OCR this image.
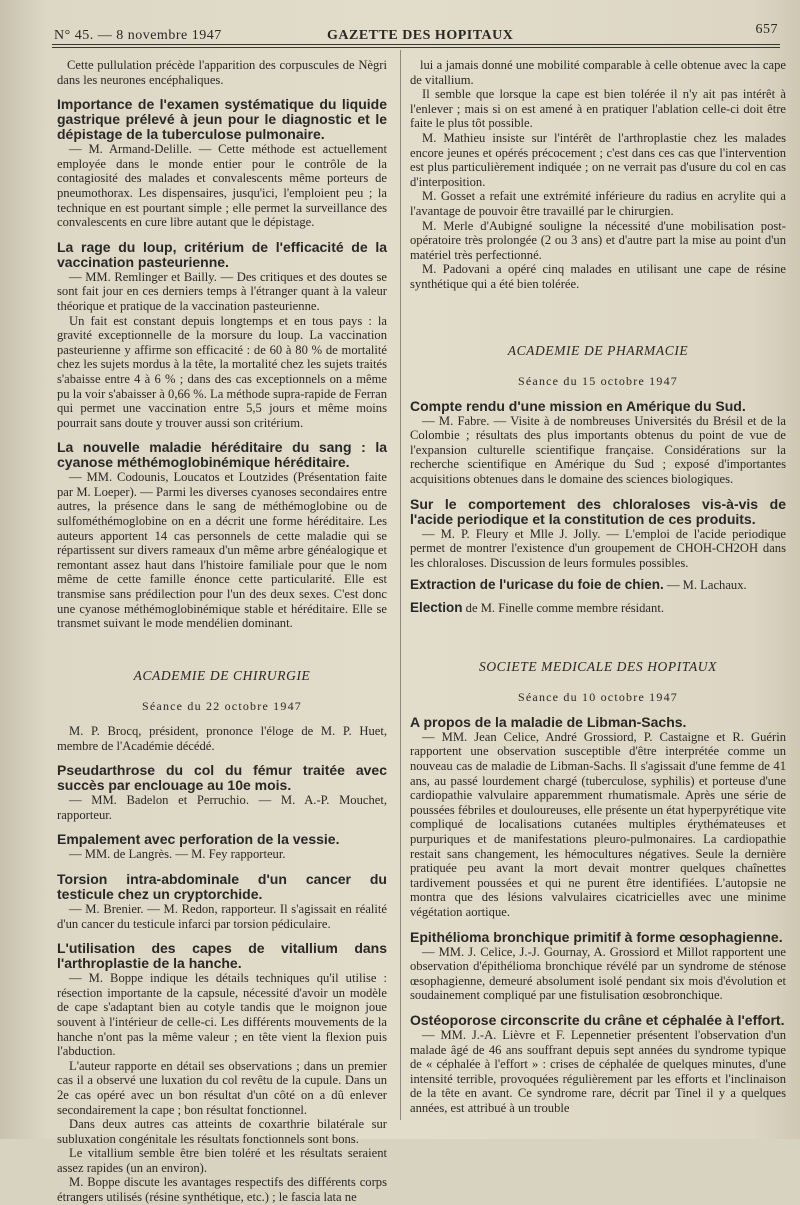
N° 45. — 8 novembre 1947	GAZETTE DES HOPITAUX	657

Cette pullulation précède l'apparition des corpuscules de Nègri dans les neurones encéphaliques.

Importance de l'examen systématique du liquide gastrique prélevé à jeun pour le diagnostic et le dépistage de la tuberculose pulmonaire.

— M. Armand-Delille. — Cette méthode est actuellement employée dans le monde entier pour le contrôle de la contagiosité des malades et convalescents même porteurs de pneumothorax. Les dispensaires, jusqu'ici, l'emploient peu ; la technique en est pourtant simple ; elle permet la surveillance des convalescents en cure libre autant que le dépistage.

La rage du loup, critérium de l'efficacité de la vaccination pasteurienne.

— MM. Remlinger et Bailly. — Des critiques et des doutes se sont fait jour en ces derniers temps à l'étranger quant à la valeur théorique et pratique de la vaccination pasteurienne.

Un fait est constant depuis longtemps et en tous pays : la gravité exceptionnelle de la morsure du loup. La vaccination pasteurienne y affirme son efficacité : de 60 à 80 % de mortalité chez les sujets mordus à la tête, la mortalité chez les sujets traités s'abaisse entre 4 à 6 % ; dans des cas exceptionnels on a même pu la voir s'abaisser à 0,66 %. La méthode supra-rapide de Ferran qui permet une vaccination entre 5,5 jours et même moins pourrait sans doute y trouver aussi son critérium.

La nouvelle maladie héréditaire du sang : la cyanose méthémoglobinémique héréditaire.

— MM. Codounis, Loucatos et Loutzides (Présentation faite par M. Loeper). — Parmi les diverses cyanoses secondaires entre autres, la présence dans le sang de méthémoglobine ou de sulfométhémoglobine on en a décrit une forme héréditaire. Les auteurs apportent 14 cas personnels de cette maladie qui se répartissent sur divers rameaux d'un même arbre généalogique et remontant assez haut dans l'histoire familiale pour que le nom même de cette famille énonce cette particularité. Elle est transmise sans prédilection pour l'un des deux sexes. C'est donc une cyanose méthémoglobinémique stable et héréditaire. Elle se transmet suivant le mode mendélien dominant.

ACADEMIE DE CHIRURGIE
Séance du 22 octobre 1947

M. P. Brocq, président, prononce l'éloge de M. P. Huet, membre de l'Académie décédé.

Pseudarthrose du col du fémur traitée avec succès par enclouage au 10e mois.

— MM. Badelon et Perruchio. — M. A.-P. Mouchet, rapporteur.

Empalement avec perforation de la vessie.

— MM. de Langrès. — M. Fey rapporteur.

Torsion intra-abdominale d'un cancer du testicule chez un cryptorchide.

— M. Brenier. — M. Redon, rapporteur. Il s'agissait en réalité d'un cancer du testicule infarci par torsion pédiculaire.

L'utilisation des capes de vitallium dans l'arthroplastie de la hanche.

— M. Boppe indique les détails techniques qu'il utilise : résection importante de la capsule, nécessité d'avoir un modèle de cape s'adaptant bien au cotyle tandis que le moignon joue souvent à l'intérieur de celle-ci. Les différents mouvements de la hanche n'ont pas la même valeur ; en tête vient la flexion puis l'abduction.

L'auteur rapporte en détail ses observations ; dans un premier cas il a observé une luxation du col revêtu de la cupule. Dans un 2e cas opéré avec un bon résultat d'un côté on a dû enlever secondairement la cape ; bon résultat fonctionnel.

Dans deux autres cas atteints de coxarthrie bilatérale sur subluxation congénitale les résultats fonctionnels sont bons.

Le vitallium semble être bien toléré et les résultats seraient assez rapides (un an environ).

M. Boppe discute les avantages respectifs des différents corps étrangers utilisés (résine synthétique, etc.) ; le fascia lata ne

lui a jamais donné une mobilité comparable à celle obtenue avec la cape de vitallium.

Il semble que lorsque la cape est bien tolérée il n'y ait pas intérêt à l'enlever ; mais si on est amené à en pratiquer l'ablation celle-ci doit être faite le plus tôt possible.

M. Mathieu insiste sur l'intérêt de l'arthroplastie chez les malades encore jeunes et opérés précocement ; c'est dans ces cas que l'intervention est plus particulièrement indiquée ; on ne verrait pas d'usure du col en cas d'interposition.

M. Gosset a refait une extrémité inférieure du radius en acrylite qui a l'avantage de pouvoir être travaillé par le chirurgien.

M. Merle d'Aubigné souligne la nécessité d'une mobilisation post-opératoire très prolongée (2 ou 3 ans) et d'autre part la mise au point d'un matériel très perfectionné.

M. Padovani a opéré cinq malades en utilisant une cape de résine synthétique qui a été bien tolérée.

ACADEMIE DE PHARMACIE
Séance du 15 octobre 1947
Compte rendu d'une mission en Amérique du Sud.

— M. Fabre. — Visite à de nombreuses Universités du Brésil et de la Colombie ; résultats des plus importants obtenus du point de vue de l'expansion culturelle scientifique française. Considérations sur la recherche scientifique en Amérique du Sud ; exposé d'importantes acquisitions obtenues dans le domaine des sciences biologiques.

Sur le comportement des chloraloses vis-à-vis de l'acide periodique et la constitution de ces produits.

— M. P. Fleury et Mlle J. Jolly. — L'emploi de l'acide periodique permet de montrer l'existence d'un groupement de CHOH-CH2OH dans les chloraloses. Discussion de leurs formules possibles.

Extraction de l'uricase du foie de chien. — M. Lachaux.

Election de M. Finelle comme membre résidant.

SOCIETE MEDICALE DES HOPITAUX
Séance du 10 octobre 1947
A propos de la maladie de Libman-Sachs.

— MM. Jean Celice, André Grossiord, P. Castaigne et R. Guérin rapportent une observation susceptible d'être interprétée comme un nouveau cas de maladie de Libman-Sachs. Il s'agissait d'une femme de 41 ans, au passé lourdement chargé (tuberculose, syphilis) et porteuse d'une cardiopathie valvulaire apparemment rhumatismale. Après une série de poussées fébriles et douloureuses, elle présente un état hyperpyrétique vite compliqué de localisations cutanées multiples érythémateuses et purpuriques et de manifestations pleuro-pulmonaires. La cardiopathie restait sans changement, les hémocultures négatives. Seule la dernière pratiquée peu avant la mort devait montrer quelques chaînettes tardivement poussées et qui ne purent être identifiées. L'autopsie ne montra que des lésions valvulaires cicatricielles avec une minime végétation aortique.

Epithélioma bronchique primitif à forme œsophagienne.

— MM. J. Celice, J.-J. Gournay, A. Grossiord et Millot rapportent une observation d'épithélioma bronchique révélé par un syndrome de sténose œsophagienne, demeuré absolument isolé pendant six mois d'évolution et soudainement compliqué par une fistulisation œsobronchique.

Ostéoporose circonscrite du crâne et céphalée à l'effort.

— MM. J.-A. Lièvre et F. Lepennetier présentent l'observation d'un malade âgé de 46 ans souffrant depuis sept années du syndrome typique de « céphalée à l'effort » : crises de céphalée de quelques minutes, d'une intensité terrible, provoquées régulièrement par les efforts et l'inclinaison de la tête en avant. Ce syndrome rare, décrit par Tinel il y a quelques années, est attribué à un trouble
